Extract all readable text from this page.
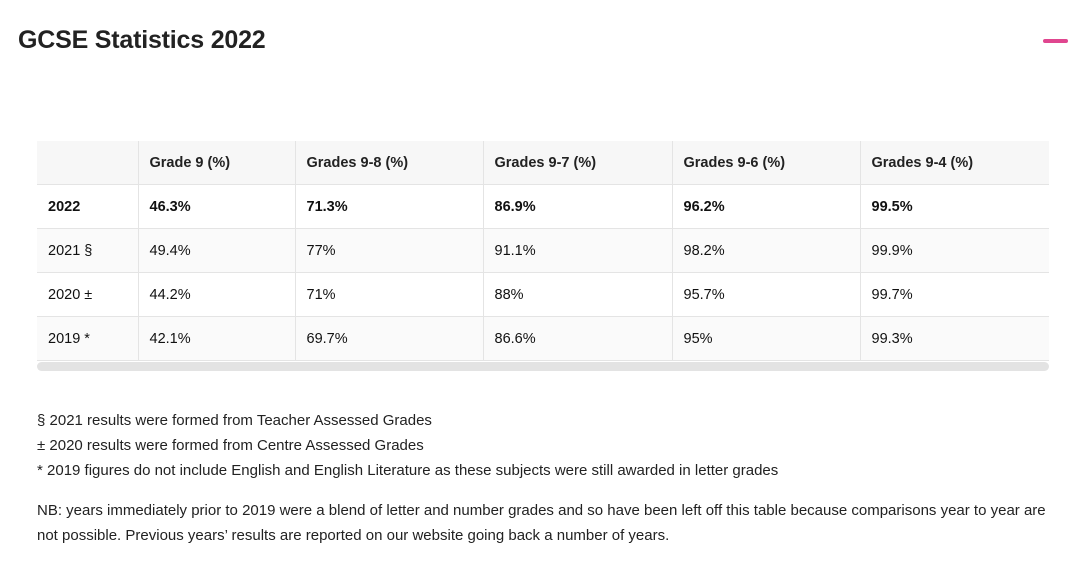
GCSE Statistics 2022
	Grade 9 (%)	Grades 9-8 (%)	Grades 9-7 (%)	Grades 9-6 (%)	Grades 9-4 (%)
2022	46.3%	71.3%	86.9%	96.2%	99.5%
2021 §	49.4%	77%	91.1%	98.2%	99.9%
2020 ±	44.2%	71%	88%	95.7%	99.7%
2019 *	42.1%	69.7%	86.6%	95%	99.3%

§ 2021 results were formed from Teacher Assessed Grades

± 2020 results were formed from Centre Assessed Grades

* 2019 figures do not include English and English Literature as these subjects were still awarded in letter grades

NB: years immediately prior to 2019 were a blend of letter and number grades and so have been left off this table because comparisons year to year are not possible. Previous years’ results are reported on our website going back a number of years.
